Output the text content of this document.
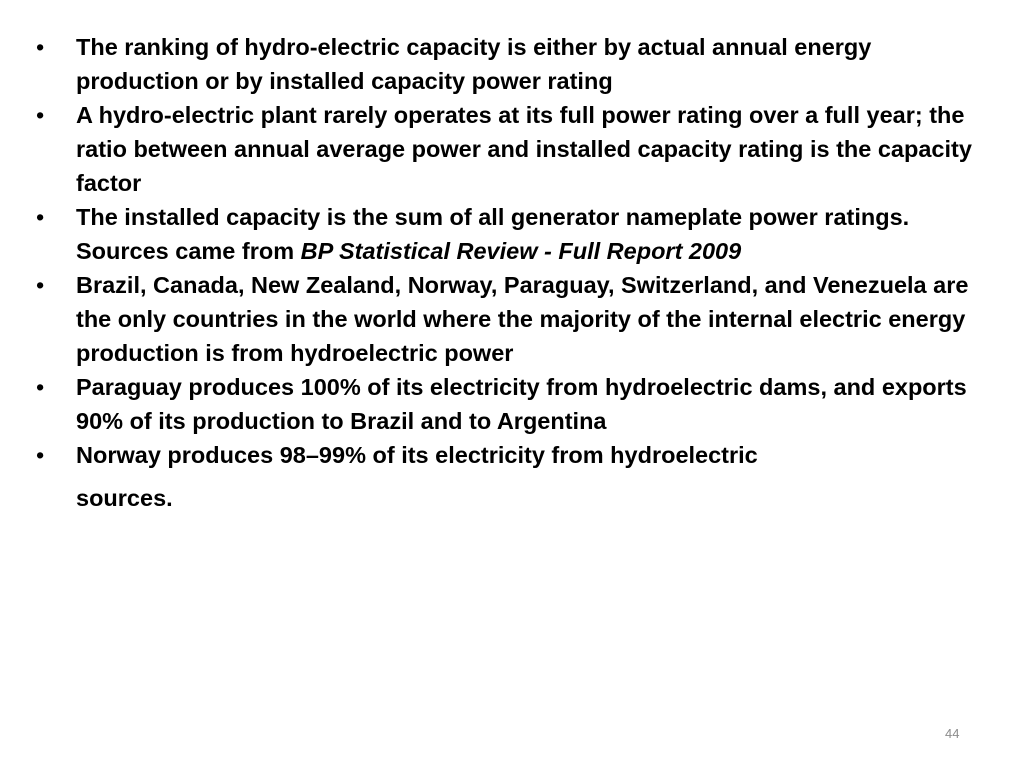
•	The ranking of hydro-electric capacity is either by actual annual energy production or by installed capacity power rating
•	A hydro-electric plant rarely operates at its full power rating over a full year; the ratio between annual average power and installed capacity rating is the capacity factor
•	The installed capacity is the sum of all generator nameplate power ratings. Sources came from BP Statistical Review - Full Report 2009
•	Brazil, Canada, New Zealand, Norway, Paraguay, Switzerland, and Venezuela are the only countries in the world where the majority of the internal electric energy production is from hydroelectric power
•	Paraguay produces 100% of its electricity from hydroelectric dams, and exports 90% of its production to Brazil and to Argentina
•	Norway produces 98–99% of its electricity from hydroelectric
sources.
44
